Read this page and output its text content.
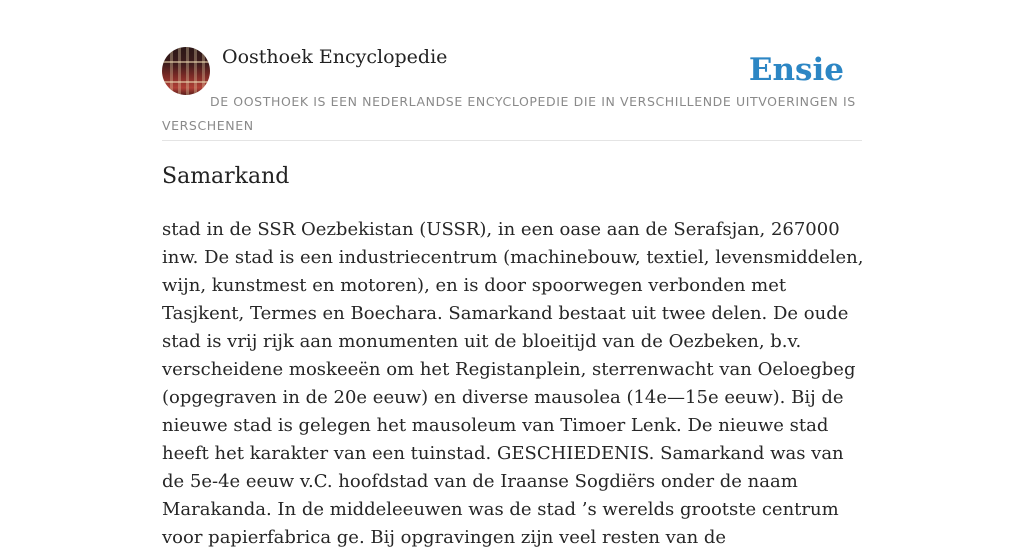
Oosthoek Encyclopedie	Ensie
DE OOSTHOEK IS EEN NEDERLANDSE ENCYCLOPEDIE DIE IN VERSCHILLENDE UITVOERINGEN IS VERSCHENEN
Samarkand

stad in de SSR Oezbekistan (USSR), in een oase aan de Serafsjan, 267000 inw. De stad is een industriecentrum (machinebouw, textiel, levensmiddelen, wijn, kunstmest en motoren), en is door spoorwegen verbonden met Tasjkent, Termes en Boechara. Samarkand bestaat uit twee delen. De oude stad is vrij rijk aan monumenten uit de bloeitijd van de Oezbeken, b.v. verscheidene moskeeën om het Registanplein, sterrenwacht van Oeloegbeg (opgegraven in de 20e eeuw) en diverse mausolea (14e—15e eeuw). Bij de nieuwe stad is gelegen het mausoleum van Timoer Lenk. De nieuwe stad heeft het karakter van een tuinstad. GESCHIEDENIS. Samarkand was van de 5e-4e eeuw v.C. hoofdstad van de Iraanse Sogdiërs onder de naam Marakanda. In de middeleeuwen was de stad ’s werelds grootste centrum voor papierfabrica ge. Bij opgravingen zijn veel resten van de
